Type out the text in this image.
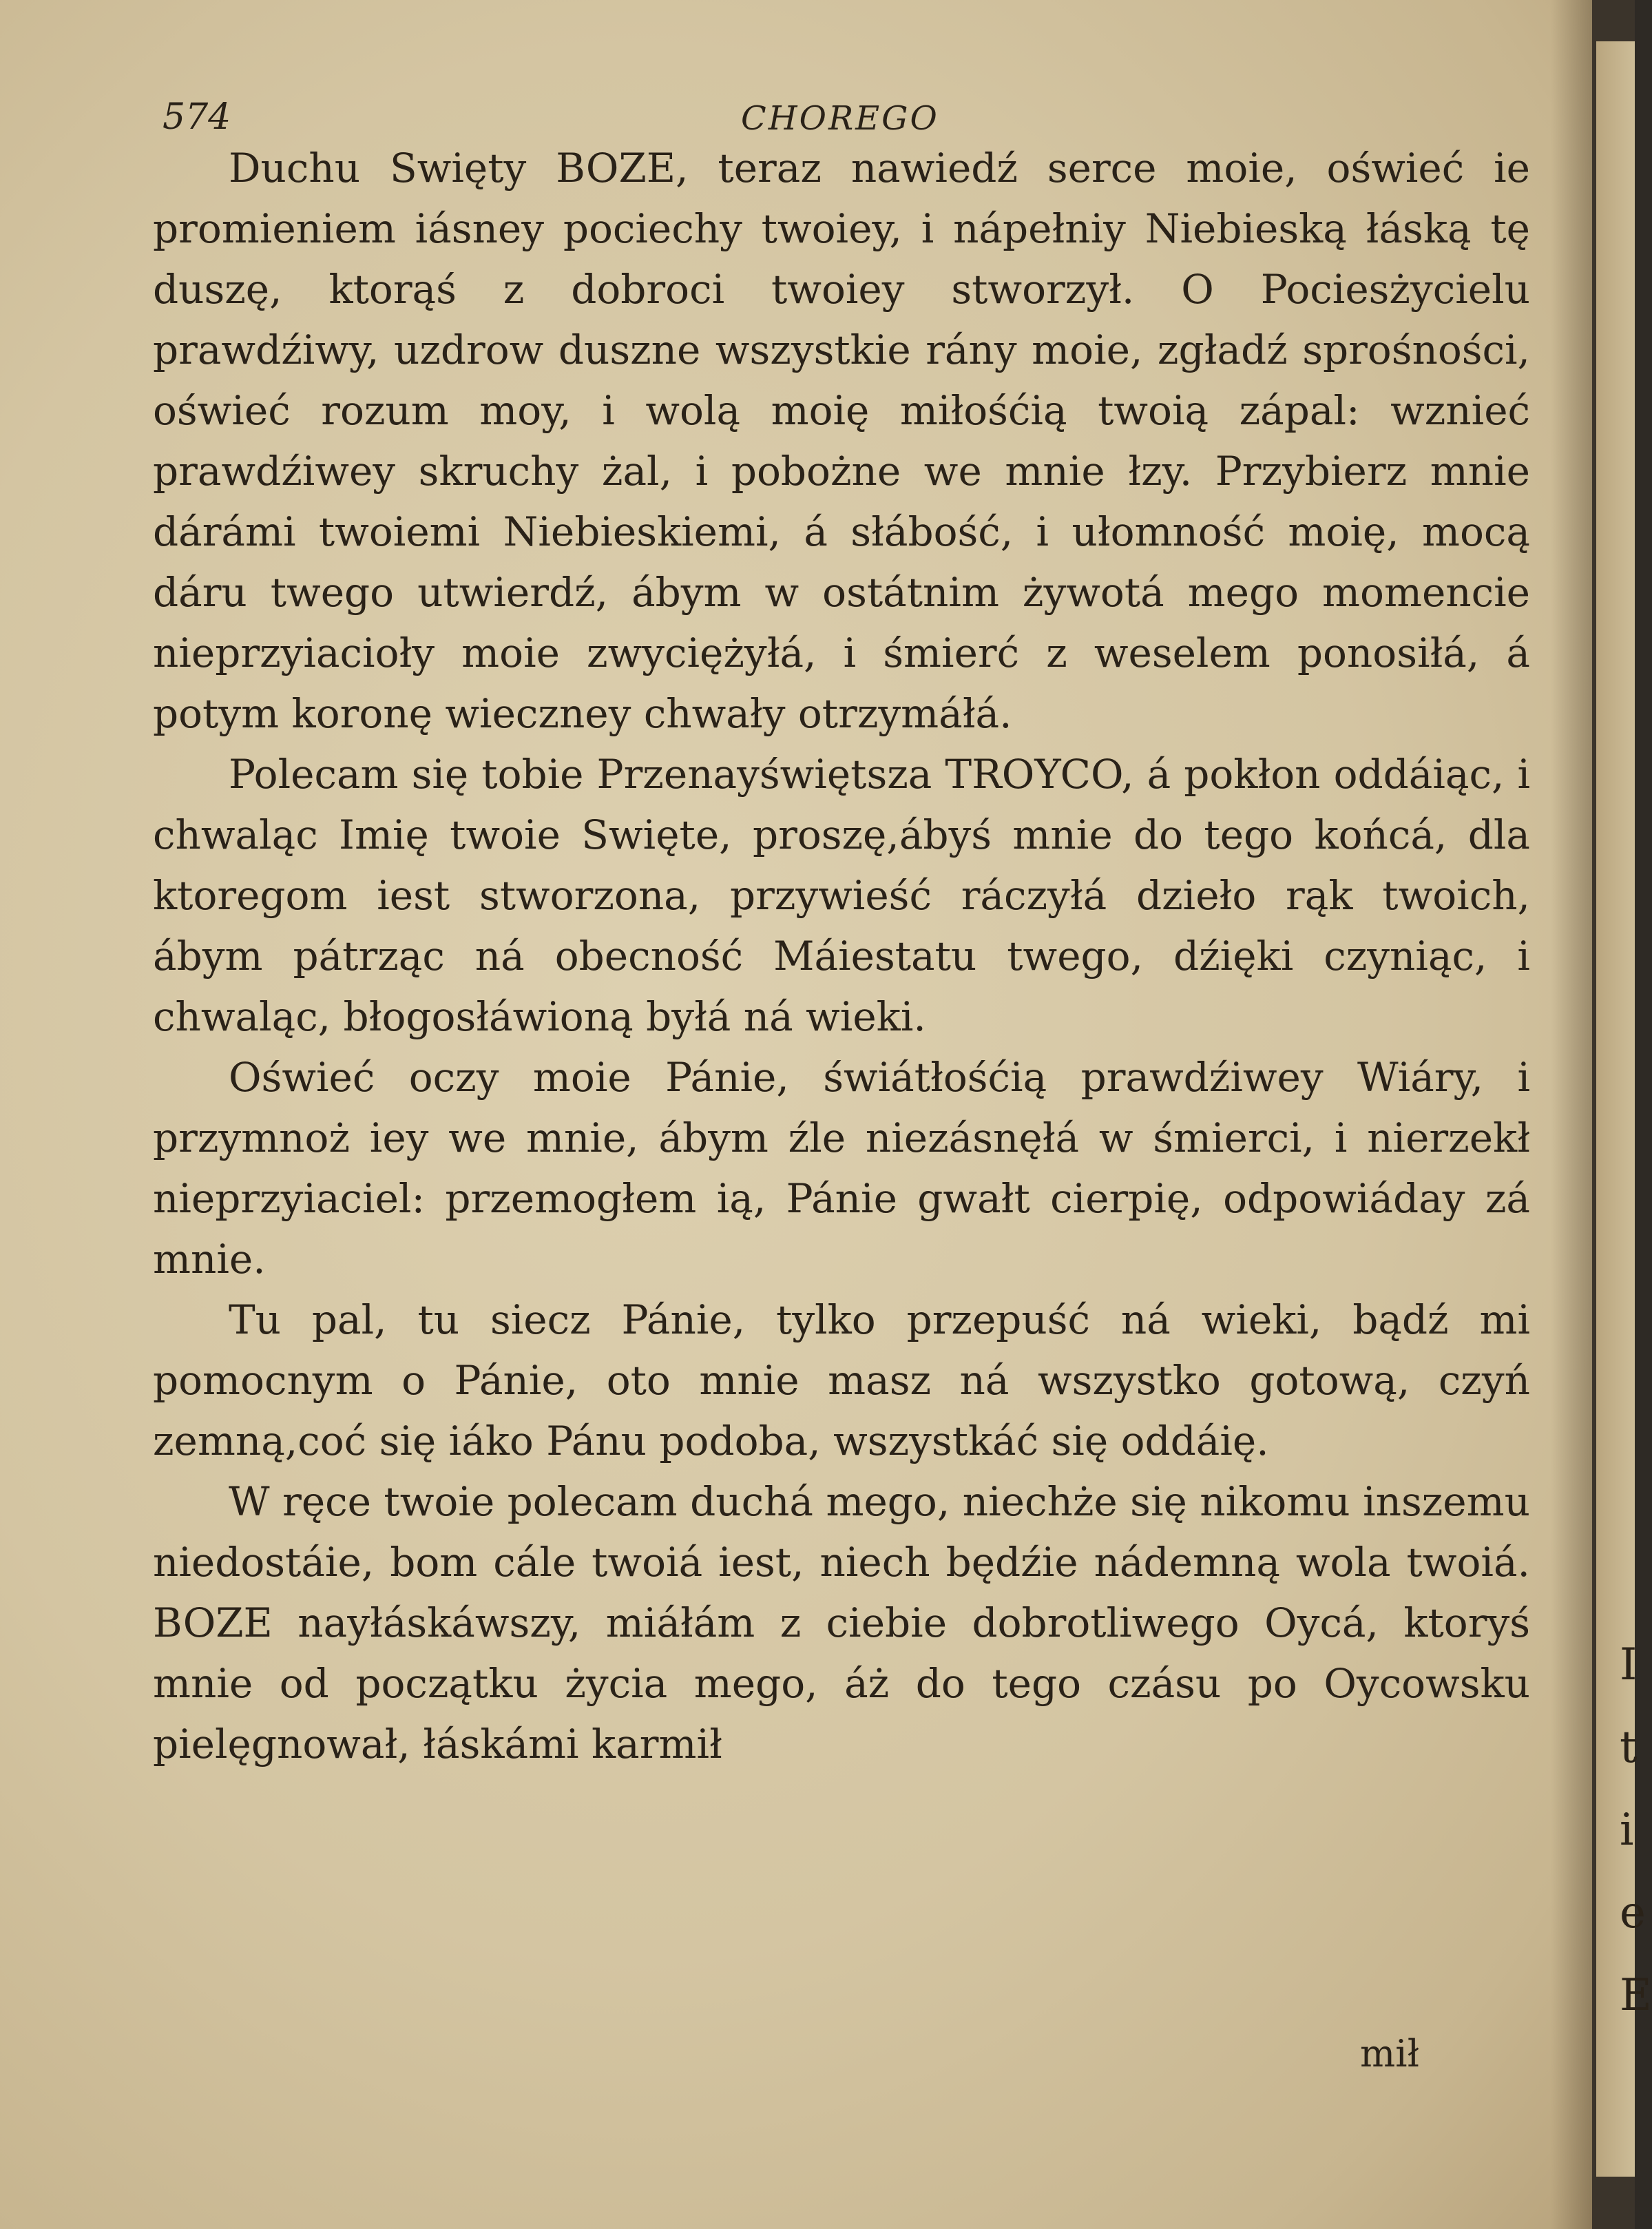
574	CHOREGO

Duchu Swięty BOZE, teraz nawiedź serce moie, oświeć ie promieniem iásney pociechy twoiey, i nápełniy Niebieską łáską tę duszę, ktorąś z dobroci twoiey stworzył. O Pociesżycielu prawdźiwy, uzdrow duszne wszystkie rány moie, zgładź sprośności, oświeć rozum moy, i wolą moię miłośćią twoią zápal: wznieć prawdźiwey skruchy żal, i pobożne we mnie łzy. Przybierz mnie dárámi twoiemi Niebieskiemi, á słábość, i ułomność moię, mocą dáru twego utwierdź, ábym w ostátnim żywotá mego momencie nieprzyiacioły moie zwyciężyłá, i śmierć z weselem ponosiłá, á potym koronę wieczney chwały otrzymáłá.

Polecam się tobie Przenayświętsza TROYCO, á pokłon oddáiąc, i chwaląc Imię twoie Swięte, proszę,ábyś mnie do tego końcá, dla ktoregom iest stworzona, przywieść ráczyłá dzieło rąk twoich, ábym pátrząc ná obecność Máiestatu twego, dźięki czyniąc, i chwaląc, błogosłáwioną byłá ná wieki.

Oświeć oczy moie Pánie, świátłośćią prawdźiwey Wiáry, i przymnoż iey we mnie, ábym źle niezásnęłá w śmierci, i nierzekł nieprzyiaciel: przemogłem ią, Pánie gwałt cierpię, odpowiáday zá mnie.

Tu pal, tu siecz Pánie, tylko przepuść ná wieki, bądź mi pomocnym o Pánie, oto mnie masz ná wszystko gotową, czyń zemną,coć się iáko Pánu podoba, wszystkáć się oddáię.

W ręce twoie polecam duchá mego, niechże się nikomu inszemu niedostáie, bom cále twoiá iest, niech będźie nádemną wola twoiá. BOZE nayłáskáwszy, miáłám z ciebie dobrotliwego Oycá, ktoryś mnie od początku życia mego, áż do tego czásu po Oycowsku pielęgnował, łáskámi karmił

mił
I
t
i
e
E
